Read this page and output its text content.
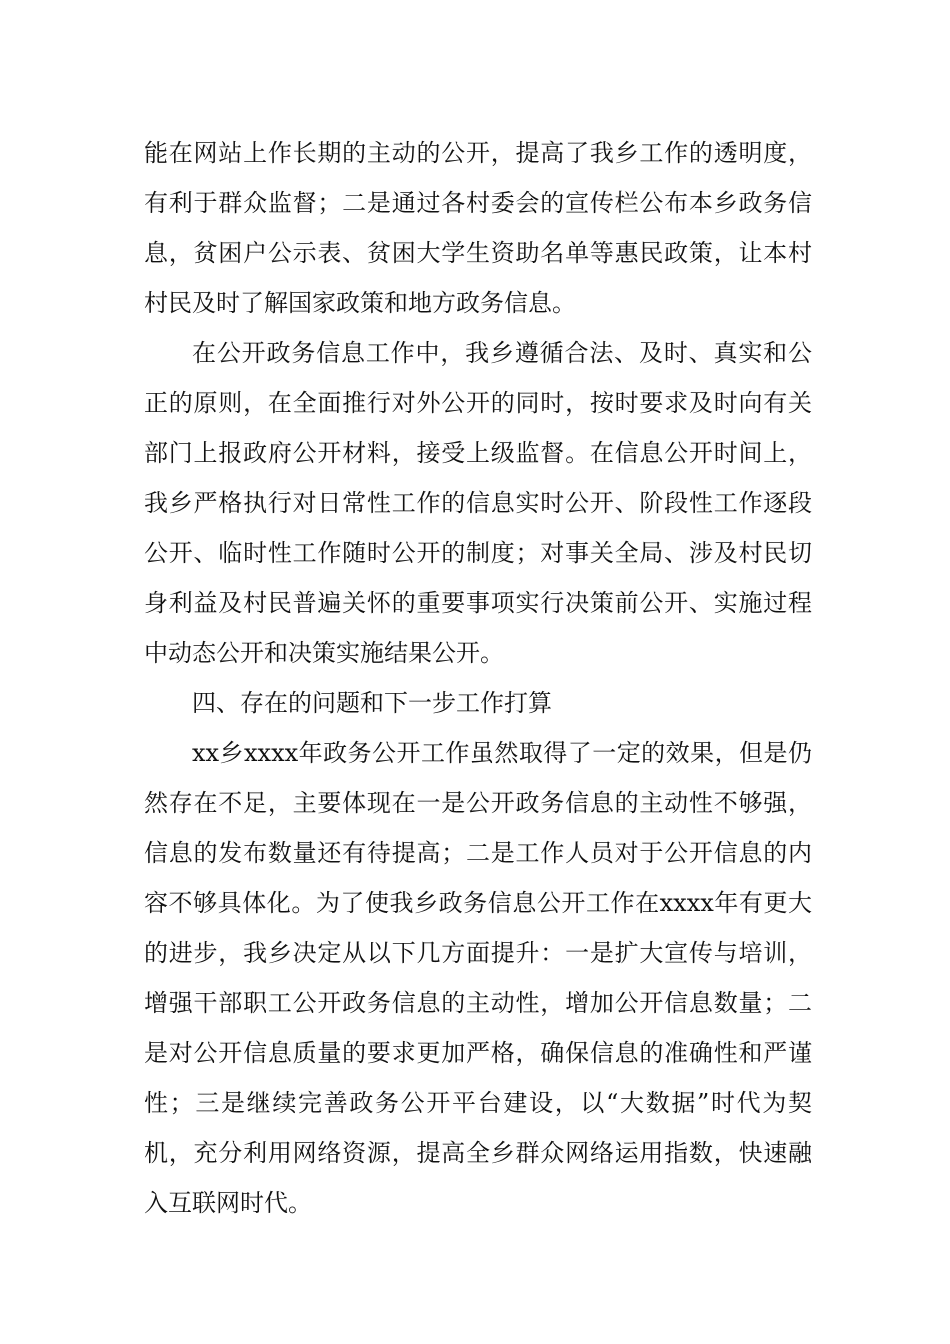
能在网站上作长期的主动的公开，提高了我乡工作的透明度，有利于群众监督；二是通过各村委会的宣传栏公布本乡政务信息，贫困户公示表、贫困大学生资助名单等惠民政策，让本村村民及时了解国家政策和地方政务信息。

在公开政务信息工作中，我乡遵循合法、及时、真实和公正的原则，在全面推行对外公开的同时，按时要求及时向有关部门上报政府公开材料，接受上级监督。在信息公开时间上，我乡严格执行对日常性工作的信息实时公开、阶段性工作逐段公开、临时性工作随时公开的制度；对事关全局、涉及村民切身利益及村民普遍关怀的重要事项实行决策前公开、实施过程中动态公开和决策实施结果公开。

四、存在的问题和下一步工作打算

xx乡xxxx年政务公开工作虽然取得了一定的效果，但是仍然存在不足，主要体现在一是公开政务信息的主动性不够强，信息的发布数量还有待提高；二是工作人员对于公开信息的内容不够具体化。为了使我乡政务信息公开工作在xxxx年有更大的进步，我乡决定从以下几方面提升：一是扩大宣传与培训，增强干部职工公开政务信息的主动性，增加公开信息数量；二是对公开信息质量的要求更加严格，确保信息的准确性和严谨性；三是继续完善政务公开平台建设，以“大数据”时代为契机，充分利用网络资源，提高全乡群众网络运用指数，快速融入互联网时代。
